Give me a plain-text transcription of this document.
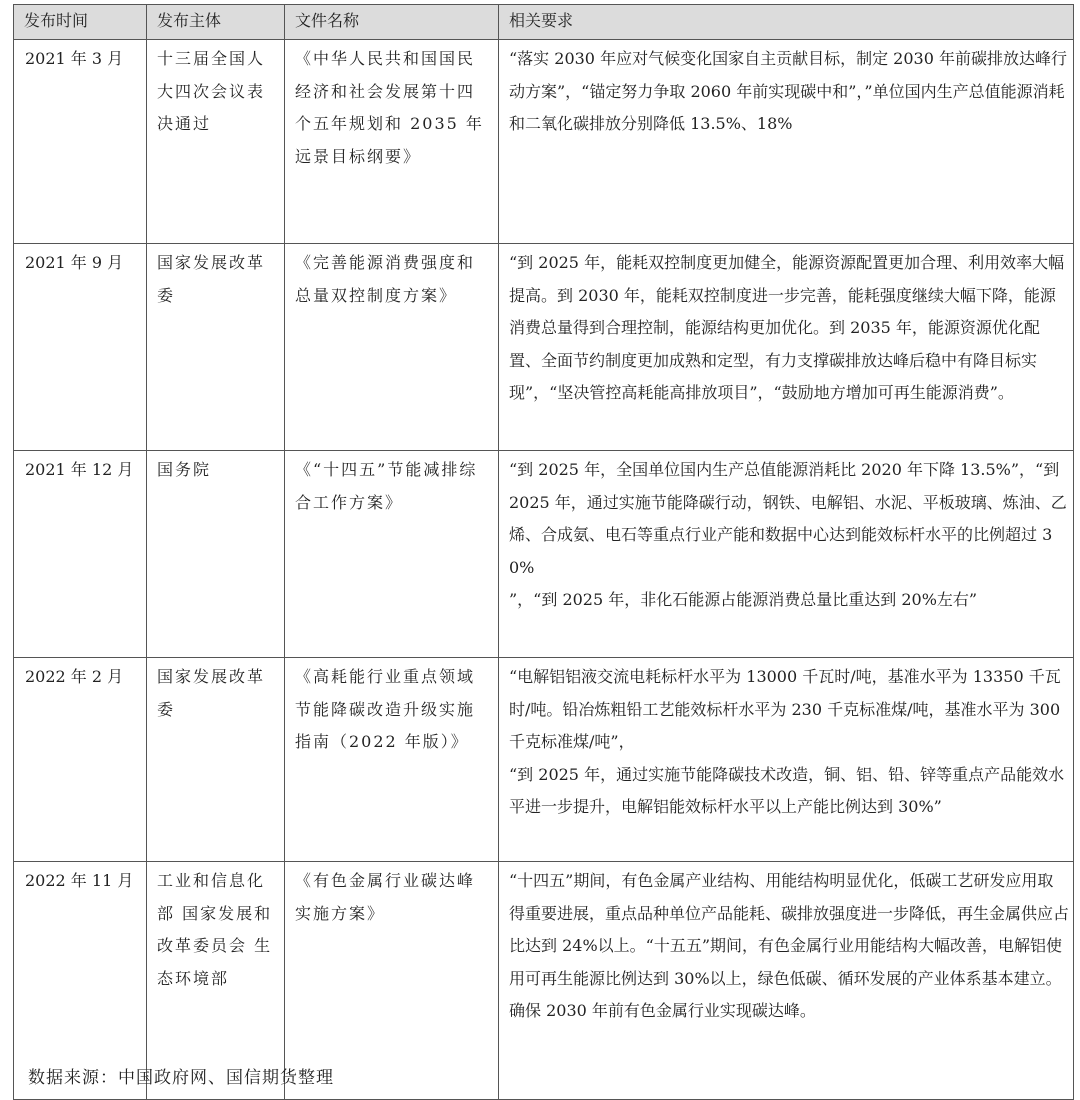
发布时间	发布主体	文件名称	相关要求
2021 年 3 月	十三届全国人大四次会议表决通过	《中华人民共和国国民经济和社会发展第十四个五年规划和 2035 年远景目标纲要》	“落实 2030 年应对气候变化国家自主贡献目标，制定 2030 年前碳排放达峰行动方案”，“锚定努力争取 2060 年前实现碳中和”，”单位国内生产总值能源消耗
和二氧化碳排放分别降低 13.5%、18%

2021 年 9 月	国家发展改革委	《完善能源消费强度和总量双控制度方案》	“到 2025 年，能耗双控制度更加健全，能源资源配置更加合理、利用效率大幅提高。到 2030 年，能耗双控制度进一步完善，能耗强度继续大幅下降，能源消费总量得到合理控制，能源结构更加优化。到 2035 年，能源资源优化配置、全面节约制度更加成熟和定型，有力支撑碳排放达峰后稳中有降目标实现”，“坚决管控高耗能高排放项目”，“鼓励地方增加可再生能源消费”。

2021 年 12 月	国务院	《“十四五”节能减排综合工作方案》	“到 2025 年，全国单位国内生产总值能源消耗比 2020 年下降 13.5%”，“到 2025 年，通过实施节能降碳行动，钢铁、电解铝、水泥、平板玻璃、炼油、乙烯、合成氨、电石等重点行业产能和数据中心达到能效标杆水平的比例超过 30%
”，“到 2025 年，非化石能源占能源消费总量比重达到 20%左右”

2022 年 2 月	国家发展改革委	《高耗能行业重点领域节能降碳改造升级实施指南（2022 年版）》	“电解铝铝液交流电耗标杆水平为 13000 千瓦时/吨，基准水平为 13350 千瓦时/吨。铅冶炼粗铅工艺能效标杆水平为 230 千克标准煤/吨，基准水平为 300 千克标准煤/吨”，
“到 2025 年，通过实施节能降碳技术改造，铜、铝、铅、锌等重点产品能效水平进一步提升，电解铝能效标杆水平以上产能比例达到 30%”

2022 年 11 月	工业和信息化部 国家发展和改革委员会 生态环境部	《有色金属行业碳达峰实施方案》	“十四五”期间，有色金属产业结构、用能结构明显优化，低碳工艺研发应用取得重要进展，重点品种单位产品能耗、碳排放强度进一步降低，再生金属供应占比达到 24%以上。“十五五”期间，有色金属行业用能结构大幅改善，电解铝使用可再生能源比例达到 30%以上，绿色低碳、循环发展的产业体系基本建立。确保 2030 年前有色金属行业实现碳达峰。
数据来源：中国政府网、国信期货整理
